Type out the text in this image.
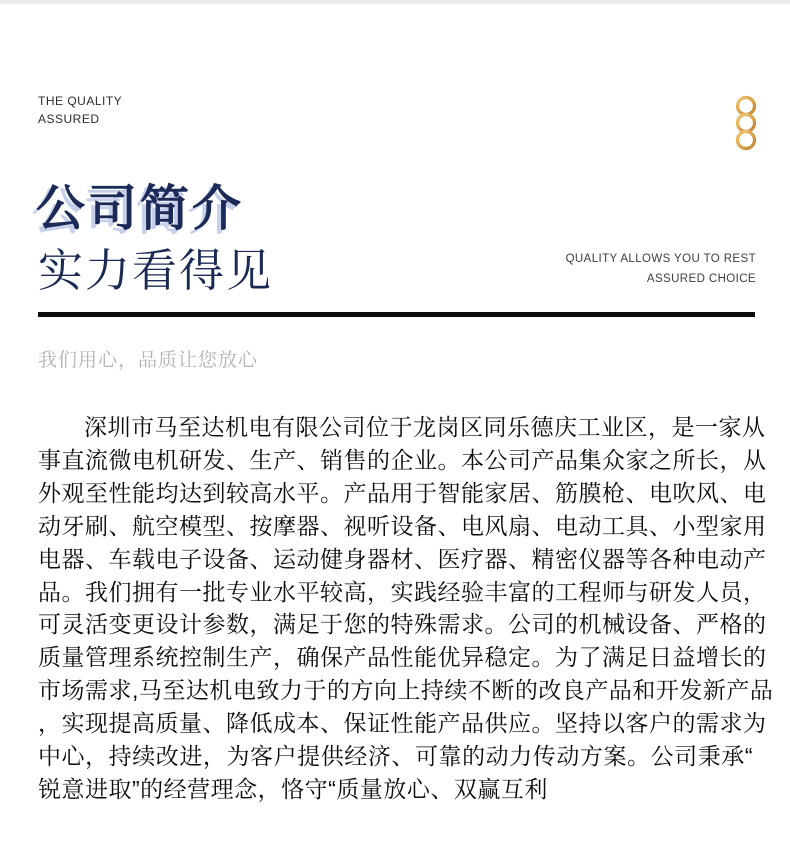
THE QUALITY
ASSURED
公司简介
实力看得见	QUALITY ALLOWS YOU TO REST
ASSURED CHOICE
我们用心，品质让您放心
深圳市马至达机电有限公司位于龙岗区同乐德庆工业区，是一家从
事直流微电机研发、生产、销售的企业。本公司产品集众家之所长，从
外观至性能均达到较高水平。产品用于智能家居、筋膜枪、电吹风、电
动牙刷、航空模型、按摩器、视听设备、电风扇、电动工具、小型家用
电器、车载电子设备、运动健身器材、医疗器、精密仪器等各种电动产
品。我们拥有一批专业水平较高，实践经验丰富的工程师与研发人员，
可灵活变更设计参数，满足于您的特殊需求。公司的机械设备、严格的
质量管理系统控制生产，确保产品性能优异稳定。为了满足日益增长的
市场需求,马至达机电致力于的方向上持续不断的改良产品和开发新产品
，实现提高质量、降低成本、保证性能产品供应。坚持以客户的需求为
中心，持续改进，为客户提供经济、可靠的动力传动方案。公司秉承“
锐意进取”的经营理念，恪守“质量放心、双赢互利
